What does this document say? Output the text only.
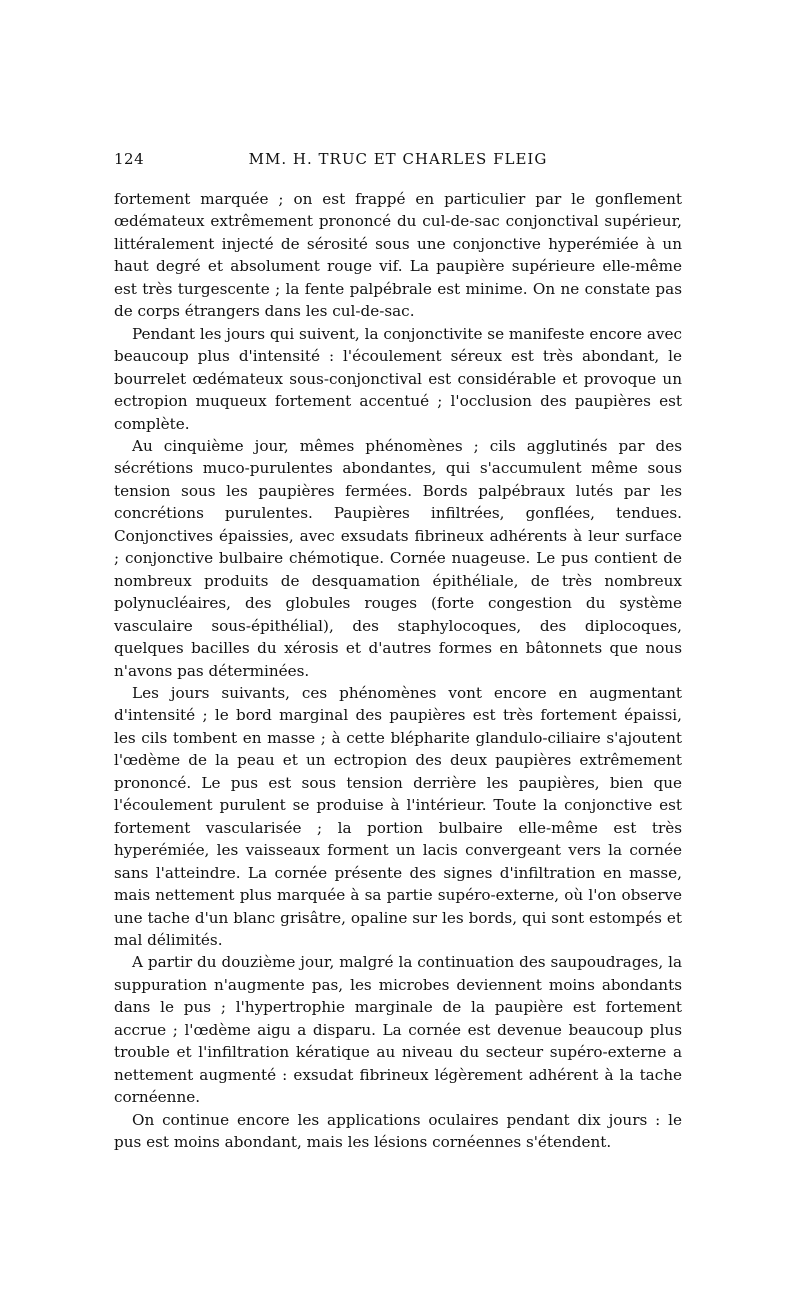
124	MM. H. TRUC ET CHARLES FLEIG

fortement marquée ; on est frappé en particulier par le gonflement œdémateux extrêmement prononcé du cul-de-sac conjonctival supérieur, littéralement injecté de sérosité sous une conjonctive hyperémiée à un haut degré et absolument rouge vif. La paupière supérieure elle-même est très turgescente ; la fente palpébrale est minime. On ne constate pas de corps étrangers dans les cul-de-sac.

Pendant les jours qui suivent, la conjonctivite se manifeste encore avec beaucoup plus d'intensité : l'écoulement séreux est très abondant, le bourrelet œdémateux sous-conjonctival est considérable et provoque un ectropion muqueux fortement accentué ; l'occlusion des paupières est complète.

Au cinquième jour, mêmes phénomènes ; cils agglutinés par des sécrétions muco-purulentes abondantes, qui s'accumulent même sous tension sous les paupières fermées. Bords palpébraux lutés par les concrétions purulentes. Paupières infiltrées, gonflées, tendues. Conjonctives épaissies, avec exsudats fibrineux adhérents à leur surface ; conjonctive bulbaire chémotique. Cornée nuageuse. Le pus contient de nombreux produits de desquamation épithéliale, de très nombreux polynucléaires, des globules rouges (forte congestion du système vasculaire sous-épithélial), des staphylocoques, des diplocoques, quelques bacilles du xérosis et d'autres formes en bâtonnets que nous n'avons pas déterminées.

Les jours suivants, ces phénomènes vont encore en augmentant d'intensité ; le bord marginal des paupières est très fortement épaissi, les cils tombent en masse ; à cette blépharite glandulo-ciliaire s'ajoutent l'œdème de la peau et un ectropion des deux paupières extrêmement prononcé. Le pus est sous tension derrière les paupières, bien que l'écoulement purulent se produise à l'intérieur. Toute la conjonctive est fortement vascularisée ; la portion bulbaire elle-même est très hyperémiée, les vaisseaux forment un lacis convergeant vers la cornée sans l'atteindre. La cornée présente des signes d'infiltration en masse, mais nettement plus marquée à sa partie supéro-externe, où l'on observe une tache d'un blanc grisâtre, opaline sur les bords, qui sont estompés et mal délimités.

A partir du douzième jour, malgré la continuation des saupoudrages, la suppuration n'augmente pas, les microbes deviennent moins abondants dans le pus ; l'hypertrophie marginale de la paupière est fortement accrue ; l'œdème aigu a disparu. La cornée est devenue beaucoup plus trouble et l'infiltration kératique au niveau du secteur supéro-externe a nettement augmenté : exsudat fibrineux légèrement adhérent à la tache cornéenne.

On continue encore les applications oculaires pendant dix jours : le pus est moins abondant, mais les lésions cornéennes s'étendent.
